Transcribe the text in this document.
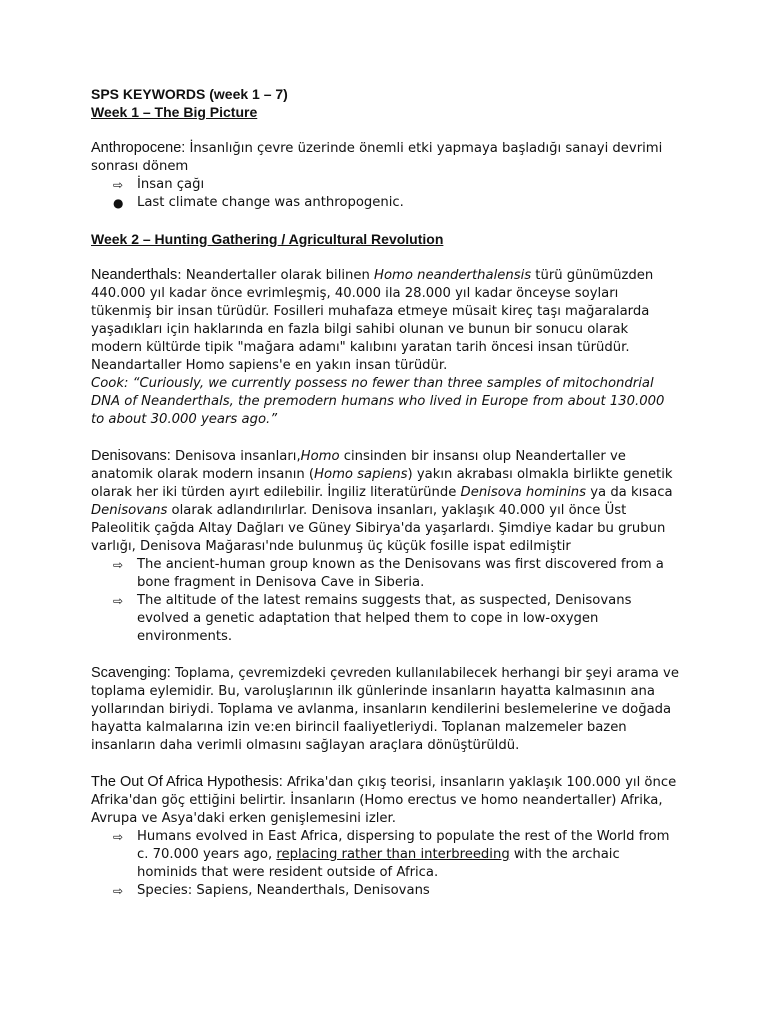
SPS KEYWORDS (week 1 – 7)

Week 1 – The Big Picture

Anthropocene: İnsanlığın çevre üzerinde önemli etki yapmaya başladığı sanayi devrimi sonrası dönem

⇨	İnsan çağı
●	Last climate change was anthropogenic.

Week 2 – Hunting Gathering / Agricultural Revolution

Neanderthals: Neandertaller olarak bilinen Homo neanderthalensis türü günümüzden 440.000 yıl kadar önce evrimleşmiş, 40.000 ila 28.000 yıl kadar önceyse soyları tükenmiş bir insan türüdür. Fosilleri muhafaza etmeye müsait kireç taşı mağaralarda yaşadıkları için haklarında en fazla bilgi sahibi olunan ve bunun bir sonucu olarak modern kültürde tipik "mağara adamı" kalıbını yaratan tarih öncesi insan türüdür. Neandartaller Homo sapiens'e en yakın insan türüdür.

Cook: “Curiously, we currently possess no fewer than three samples of mitochondrial DNA of Neanderthals, the premodern humans who lived in Europe from about 130.000 to about 30.000 years ago.”

Denisovans: Denisova insanları,Homo cinsinden bir insansı olup Neandertaller ve anatomik olarak modern insanın (Homo sapiens) yakın akrabası olmakla birlikte genetik olarak her iki türden ayırt edilebilir. İngiliz literatüründe Denisova hominins ya da kısaca Denisovans olarak adlandırılırlar. Denisova insanları, yaklaşık 40.000 yıl önce Üst Paleolitik çağda Altay Dağları ve Güney Sibirya'da yaşarlardı. Şimdiye kadar bu grubun varlığı, Denisova Mağarası'nde bulunmuş üç küçük fosille ispat edilmiştir

⇨	The ancient-human group known as the Denisovans was first discovered from a bone fragment in Denisova Cave in Siberia.
⇨	The altitude of the latest remains suggests that, as suspected, Denisovans evolved a genetic adaptation that helped them to cope in low-oxygen environments.

Scavenging: Toplama, çevremizdeki çevreden kullanılabilecek herhangi bir şeyi arama ve toplama eylemidir. Bu, varoluşlarının ilk günlerinde insanların hayatta kalmasının ana yollarından biriydi. Toplama ve avlanma, insanların kendilerini beslemelerine ve doğada hayatta kalmalarına izin ve:en birincil faaliyetleriydi. Toplanan malzemeler bazen insanların daha verimli olmasını sağlayan araçlara dönüştürüldü.

The Out Of Africa Hypothesis: Afrika'dan çıkış teorisi, insanların yaklaşık 100.000 yıl önce Afrika'dan göç ettiğini belirtir. İnsanların (Homo erectus ve homo neandertaller) Afrika, Avrupa ve Asya'daki erken genişlemesini izler.

⇨	Humans evolved in East Africa, dispersing to populate the rest of the World from c. 70.000 years ago, replacing rather than interbreeding with the archaic hominids that were resident outside of Africa.
⇨	Species: Sapiens, Neanderthals, Denisovans
